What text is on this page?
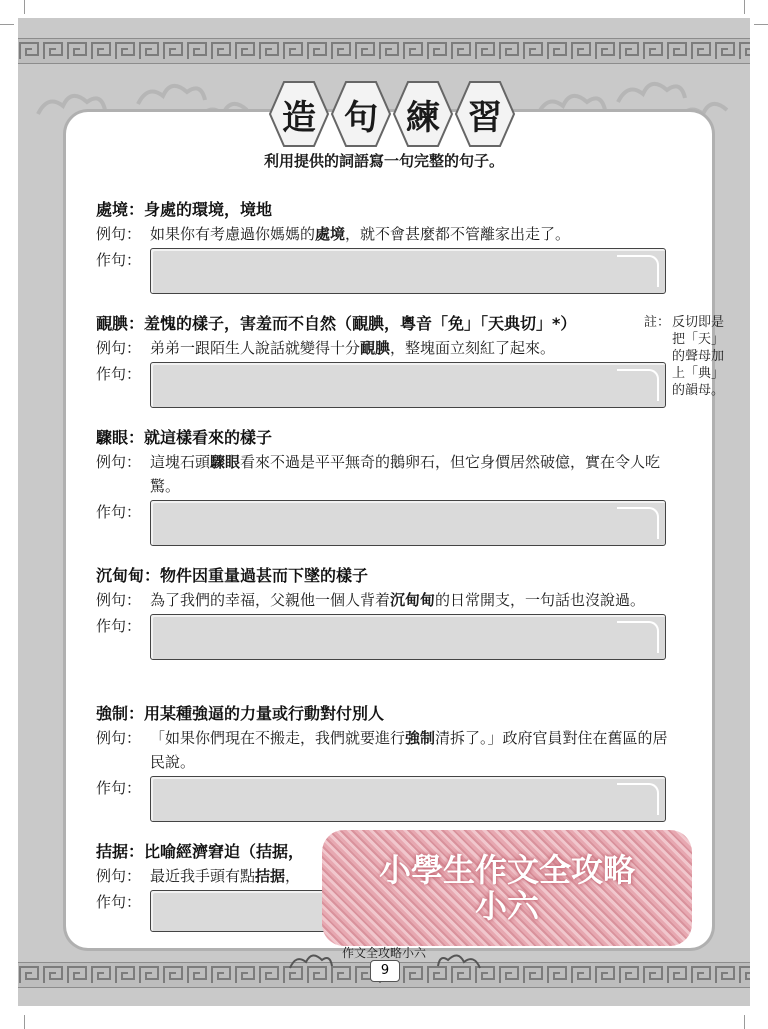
造 句 練 習
利用提供的詞語寫一句完整的句子。
處境：身處的環境，境地
例句： 如果你有考慮過你媽媽的處境，就不會甚麼都不管離家出走了。
作句：
靦腆：羞愧的樣子，害羞而不自然（靦腆，粵音「免」「天典切」*）
例句： 弟弟一跟陌生人說話就變得十分靦腆，整塊面立刻紅了起來。
作句：
驟眼：就這樣看來的樣子
例句： 這塊石頭驟眼看來不過是平平無奇的鵝卵石，但它身價居然破億，實在令人吃驚。
作句：
沉甸甸：物件因重量過甚而下墜的樣子
例句： 為了我們的幸福，父親他一個人背着沉甸甸的日常開支，一句話也沒說過。
作句：
強制：用某種強逼的力量或行動對付別人
例句： 「如果你們現在不搬走，我們就要進行強制清拆了。」政府官員對住在舊區的居民說。
作句：
拮据：比喻經濟窘迫（拮据，
例句： 最近我手頭有點拮据，
作句：
註： 反切即是把「天」的聲母加上「典」的韻母。
小學生作文全攻略
小六
作文全攻略小六
9
